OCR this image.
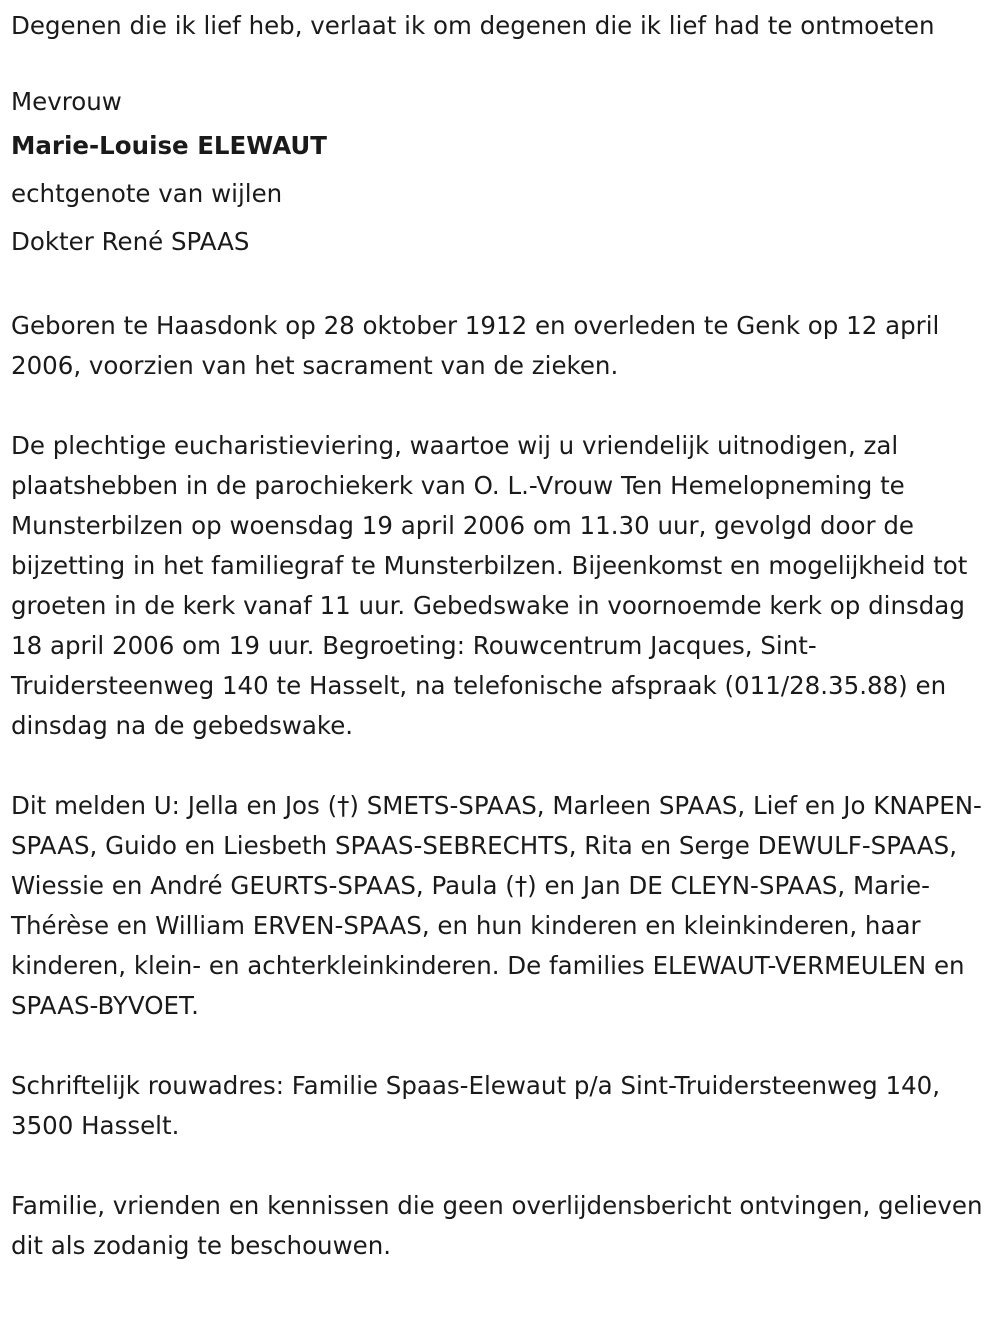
Degenen die ik lief heb, verlaat ik om degenen die ik lief had te ontmoeten

Mevrouw

Marie-Louise ELEWAUT

echtgenote van wijlen

Dokter René SPAAS

Geboren te Haasdonk op 28 oktober 1912 en overleden te Genk op 12 april 2006, voorzien van het sacrament van de zieken.

De plechtige eucharistieviering, waartoe wij u vriendelijk uitnodigen, zal plaatshebben in de parochiekerk van O. L.-Vrouw Ten Hemelopneming te Munsterbilzen op woensdag 19 april 2006 om 11.30 uur, gevolgd door de bijzetting in het familiegraf te Munsterbilzen. Bijeenkomst en mogelijkheid tot groeten in de kerk vanaf 11 uur. Gebedswake in voornoemde kerk op dinsdag 18 april 2006 om 19 uur. Begroeting: Rouwcentrum Jacques, Sint-Truidersteenweg 140 te Hasselt, na telefonische afspraak (011/28.35.88) en dinsdag na de gebedswake.

Dit melden U: Jella en Jos (†) SMETS-SPAAS, Marleen SPAAS, Lief en Jo KNAPEN-SPAAS, Guido en Liesbeth SPAAS-SEBRECHTS, Rita en Serge DEWULF-SPAAS, Wiessie en André GEURTS-SPAAS, Paula (†) en Jan DE CLEYN-SPAAS, Marie-Thérèse en William ERVEN-SPAAS, en hun kinderen en kleinkinderen, haar kinderen, klein- en achterkleinkinderen. De families ELEWAUT-VERMEULEN en SPAAS-BYVOET.

Schriftelijk rouwadres: Familie Spaas-Elewaut p/a Sint-Truidersteenweg 140, 3500 Hasselt.

Familie, vrienden en kennissen die geen overlijdensbericht ontvingen, gelieven dit als zodanig te beschouwen.
